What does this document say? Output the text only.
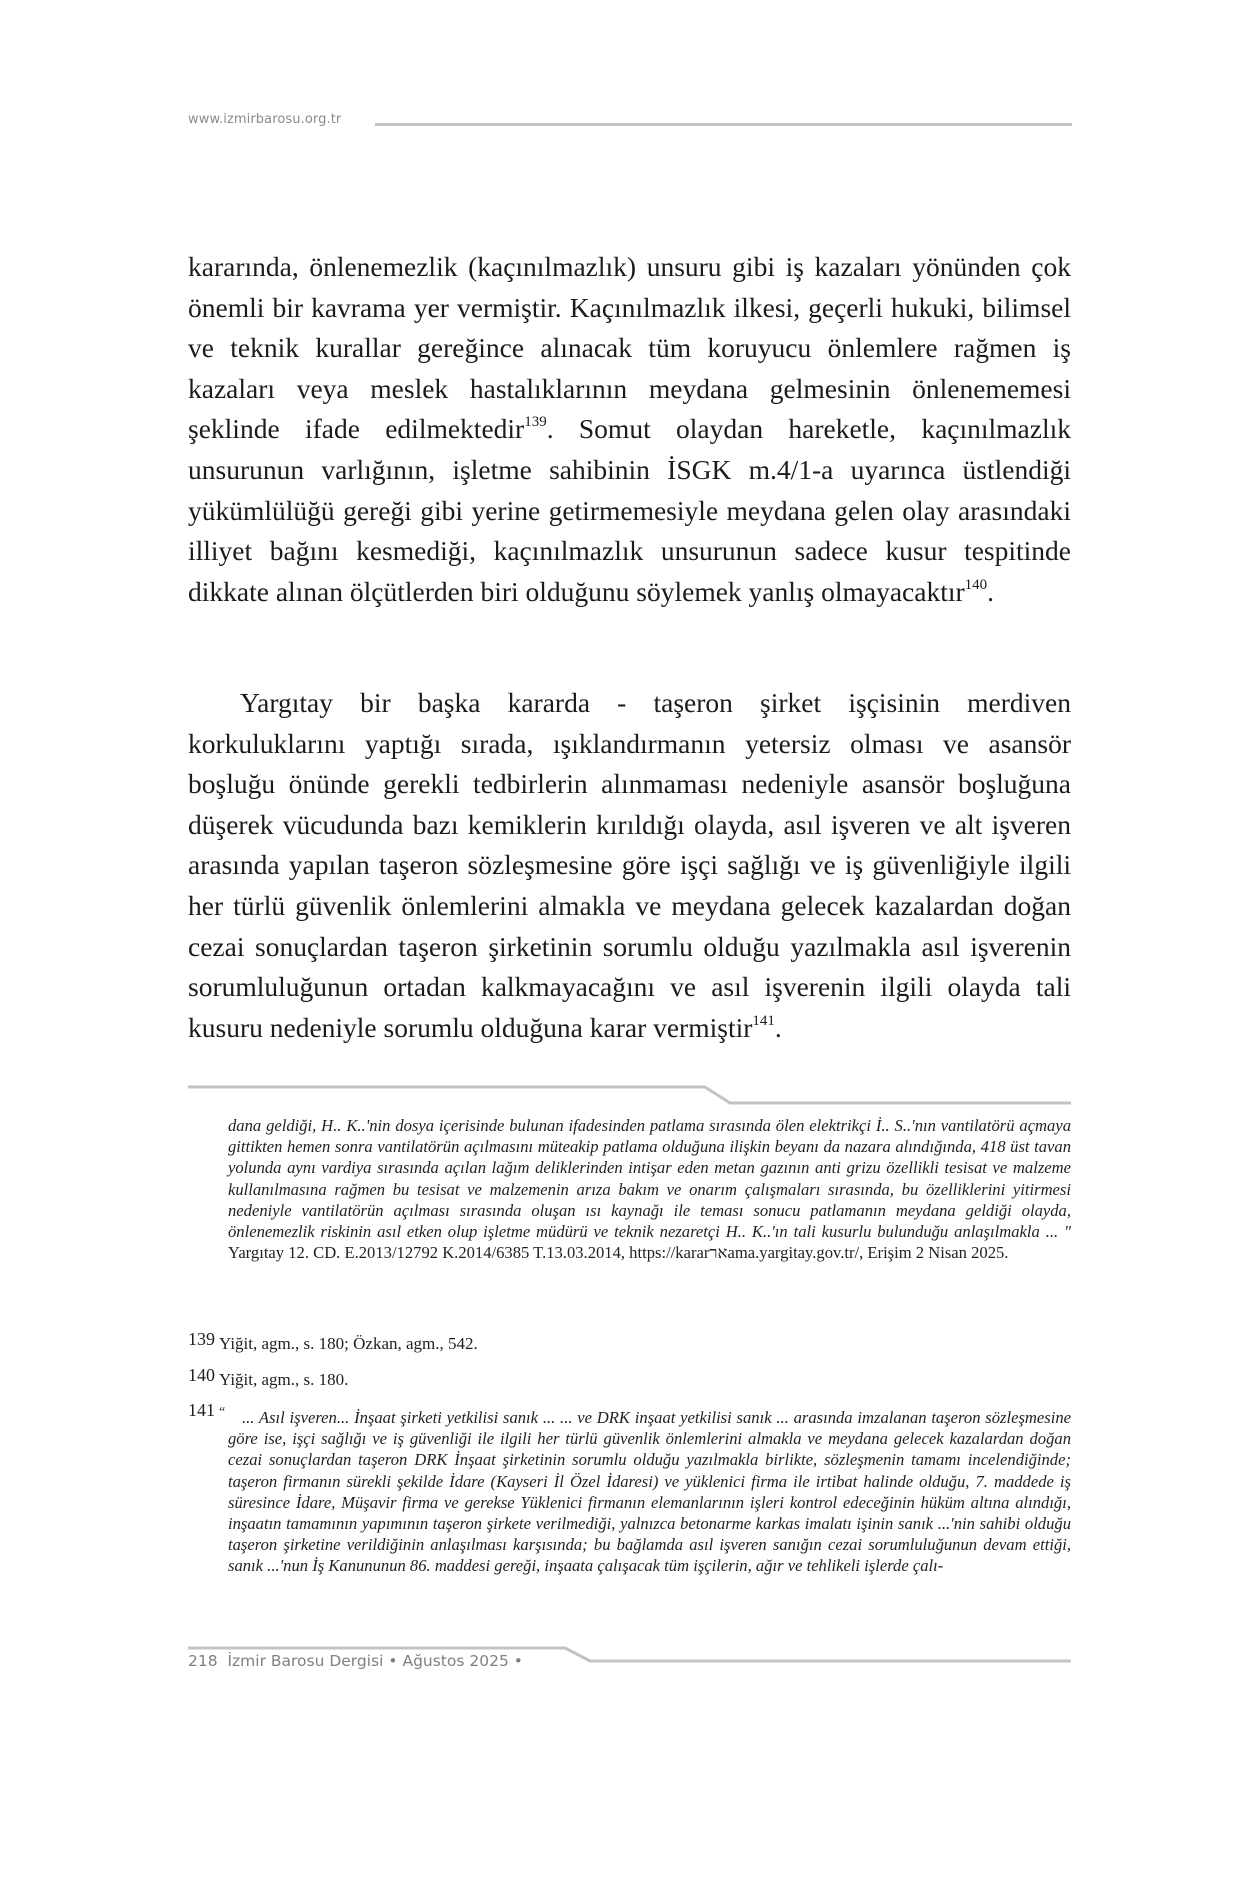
www.izmirbarosu.org.tr

kararında, önlenemezlik (kaçınılmazlık) unsuru gibi iş kazaları yönünden çok önemli bir kavrama yer vermiştir. Kaçınılmazlık ilkesi, geçerli hukuki, bilimsel ve teknik kurallar gereğince alınacak tüm koruyucu önlemlere rağmen iş kazaları veya meslek hastalıklarının meydana gelmesinin önlenememesi şeklinde ifade edilmektedir$^{139}$. Somut olaydan hareketle, kaçınılmazlık unsurunun varlığının, işletme sahibinin İSGK m.4/1-a uyarınca üstlendiği yükümlülüğü gereği gibi yerine getirmemesiyle meydana gelen olay arasındaki illiyet bağını kesmediği, kaçınılmazlık unsurunun sadece kusur tespitinde dikkate alınan ölçütlerden biri olduğunu söylemek yanlış olmayacaktır$^{140}$.

Yargıtay bir başka kararda - taşeron şirket işçisinin merdiven korkuluklarını yaptığı sırada, ışıklandırmanın yetersiz olması ve asansör boşluğu önünde gerekli tedbirlerin alınmaması nedeniyle asansör boşluğuna düşerek vücudunda bazı kemiklerin kırıldığı olayda, asıl işveren ve alt işveren arasında yapılan taşeron sözleşmesine göre işçi sağlığı ve iş güvenliğiyle ilgili her türlü güvenlik önlemlerini almakla ve meydana gelecek kazalardan doğan cezai sonuçlardan taşeron şirketinin sorumlu olduğu yazılmakla asıl işverenin sorumluluğunun ortadan kalkmayacağını ve asıl işverenin ilgili olayda tali kusuru nedeniyle sorumlu olduğuna karar vermiştir$^{141}$.

dana geldiği, H.. K..'nin dosya içerisinde bulunan ifadesinden patlama sırasında ölen elektrikçi İ.. S..'nın vantilatörü açmaya gittikten hemen sonra vantilatörün açılmasını müteakip patlama olduğuna ilişkin beyanı da nazara alındığında, 418 üst tavan yolunda aynı vardiya sırasında açılan lağım deliklerinden intişar eden metan gazının anti grizu özellikli tesisat ve malzeme kullanılmasına rağmen bu tesisat ve malzemenin arıza bakım ve onarım çalışmaları sırasında, bu özelliklerini yitirmesi nedeniyle vantilatörün açılması sırasında oluşan ısı kaynağı ile teması sonucu patlamanın meydana geldiği olayda, önlenemezlik riskinin asıl etken olup işletme müdürü ve teknik nezaretçi H.. K..'ın tali kusurlu bulunduğu anlaşılmakla ... " Yargıtay 12. CD. E.2013/12792 K.2014/6385 T.13.03.2014, https://kararארama.yargitay.gov.tr/, Erişim 2 Nisan 2025.

139 Yiğit, agm., s. 180; Özkan, agm., 542.
140 Yiğit, agm., s. 180.
141 “	... Asıl işveren... İnşaat şirketi yetkilisi sanık ... ... ve DRK inşaat yetkilisi sanık ... arasında imzalanan taşeron sözleşmesine göre ise, işçi sağlığı ve iş güvenliği ile ilgili her türlü güvenlik önlemlerini almakla ve meydana gelecek kazalardan doğan cezai sonuçlardan taşeron DRK İnşaat şirketinin sorumlu olduğu yazılmakla birlikte, sözleşmenin tamamı incelendiğinde; taşeron firmanın sürekli şekilde İdare (Kayseri İl Özel İdaresi) ve yüklenici firma ile irtibat halinde olduğu, 7. maddede iş süresince İdare, Müşavir firma ve gerekse Yüklenici firmanın elemanlarının işleri kontrol edeceğinin hüküm altına alındığı, inşaatın tamamının yapımının taşeron şirkete verilmediği, yalnızca betonarme karkas imalatı işinin sanık ...'nin sahibi olduğu taşeron şirketine verildiğinin anlaşılması karşısında; bu bağlamda asıl işveren sanığın cezai sorumluluğunun devam ettiği, sanık ...'nun İş Kanununun 86. maddesi gereği, inşaata çalışacak tüm işçilerin, ağır ve tehlikeli işlerde çalı-

218 İzmir Barosu Dergisi • Ağustos 2025 •
